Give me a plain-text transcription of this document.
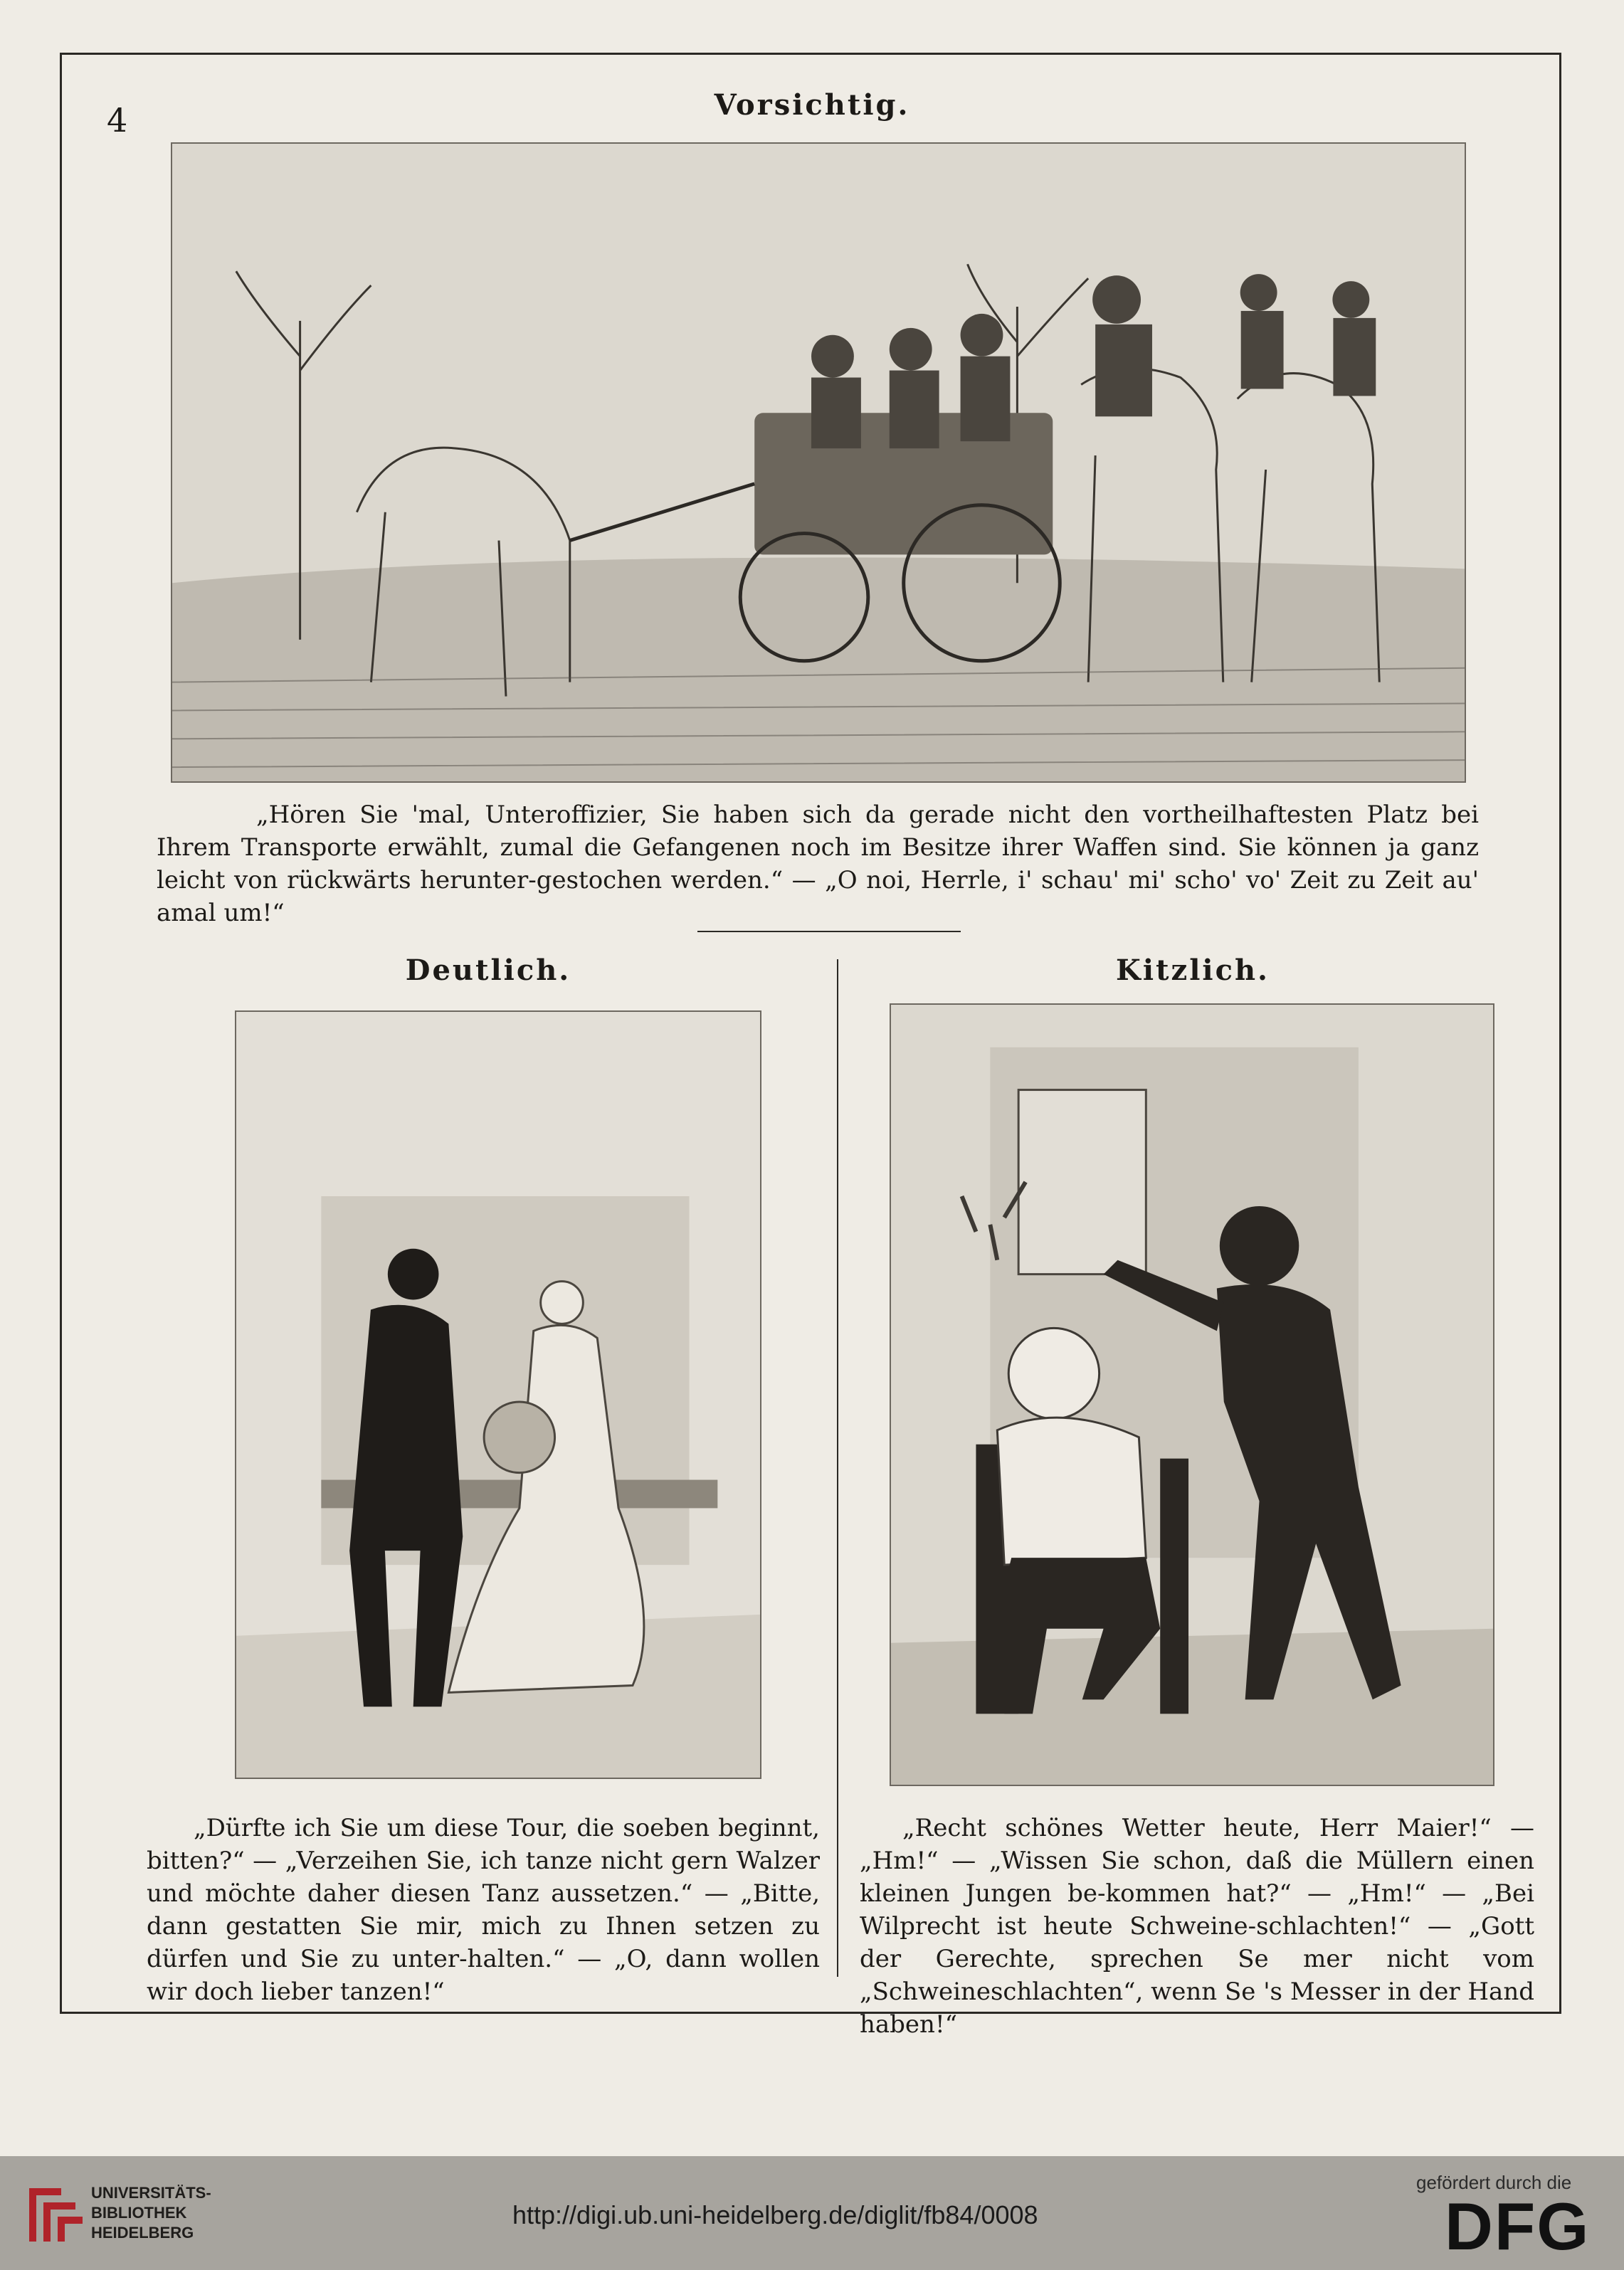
4	Vorsichtig.
„Hören Sie 'mal, Unteroffizier, Sie haben sich da gerade nicht den vortheilhaftesten Platz bei Ihrem Transporte erwählt, zumal die Gefangenen noch im Besitze ihrer Waffen sind. Sie können ja ganz leicht von rückwärts herunter-gestochen werden.“ — „O noi, Herrle, i' schau' mi' scho' vo' Zeit zu Zeit au' amal um!“
Deutlich.
„Dürfte ich Sie um diese Tour, die soeben beginnt, bitten?“ — „Verzeihen Sie, ich tanze nicht gern Walzer und möchte daher diesen Tanz aussetzen.“ — „Bitte, dann gestatten Sie mir, mich zu Ihnen setzen zu dürfen und Sie zu unter-halten.“ — „O, dann wollen wir doch lieber tanzen!“
Kitzlich.
„Recht schönes Wetter heute, Herr Maier!“ — „Hm!“ — „Wissen Sie schon, daß die Müllern einen kleinen Jungen be-kommen hat?“ — „Hm!“ — „Bei Wilprecht ist heute Schweine-schlachten!“ — „Gott der Gerechte, sprechen Se mer nicht vom „Schweineschlachten“, wenn Se 's Messer in der Hand haben!“
UNIVERSITÄTS-
BIBLIOTHEK
HEIDELBERG
http://digi.ub.uni-heidelberg.de/diglit/fb84/0008
gefördert durch die
DFG
